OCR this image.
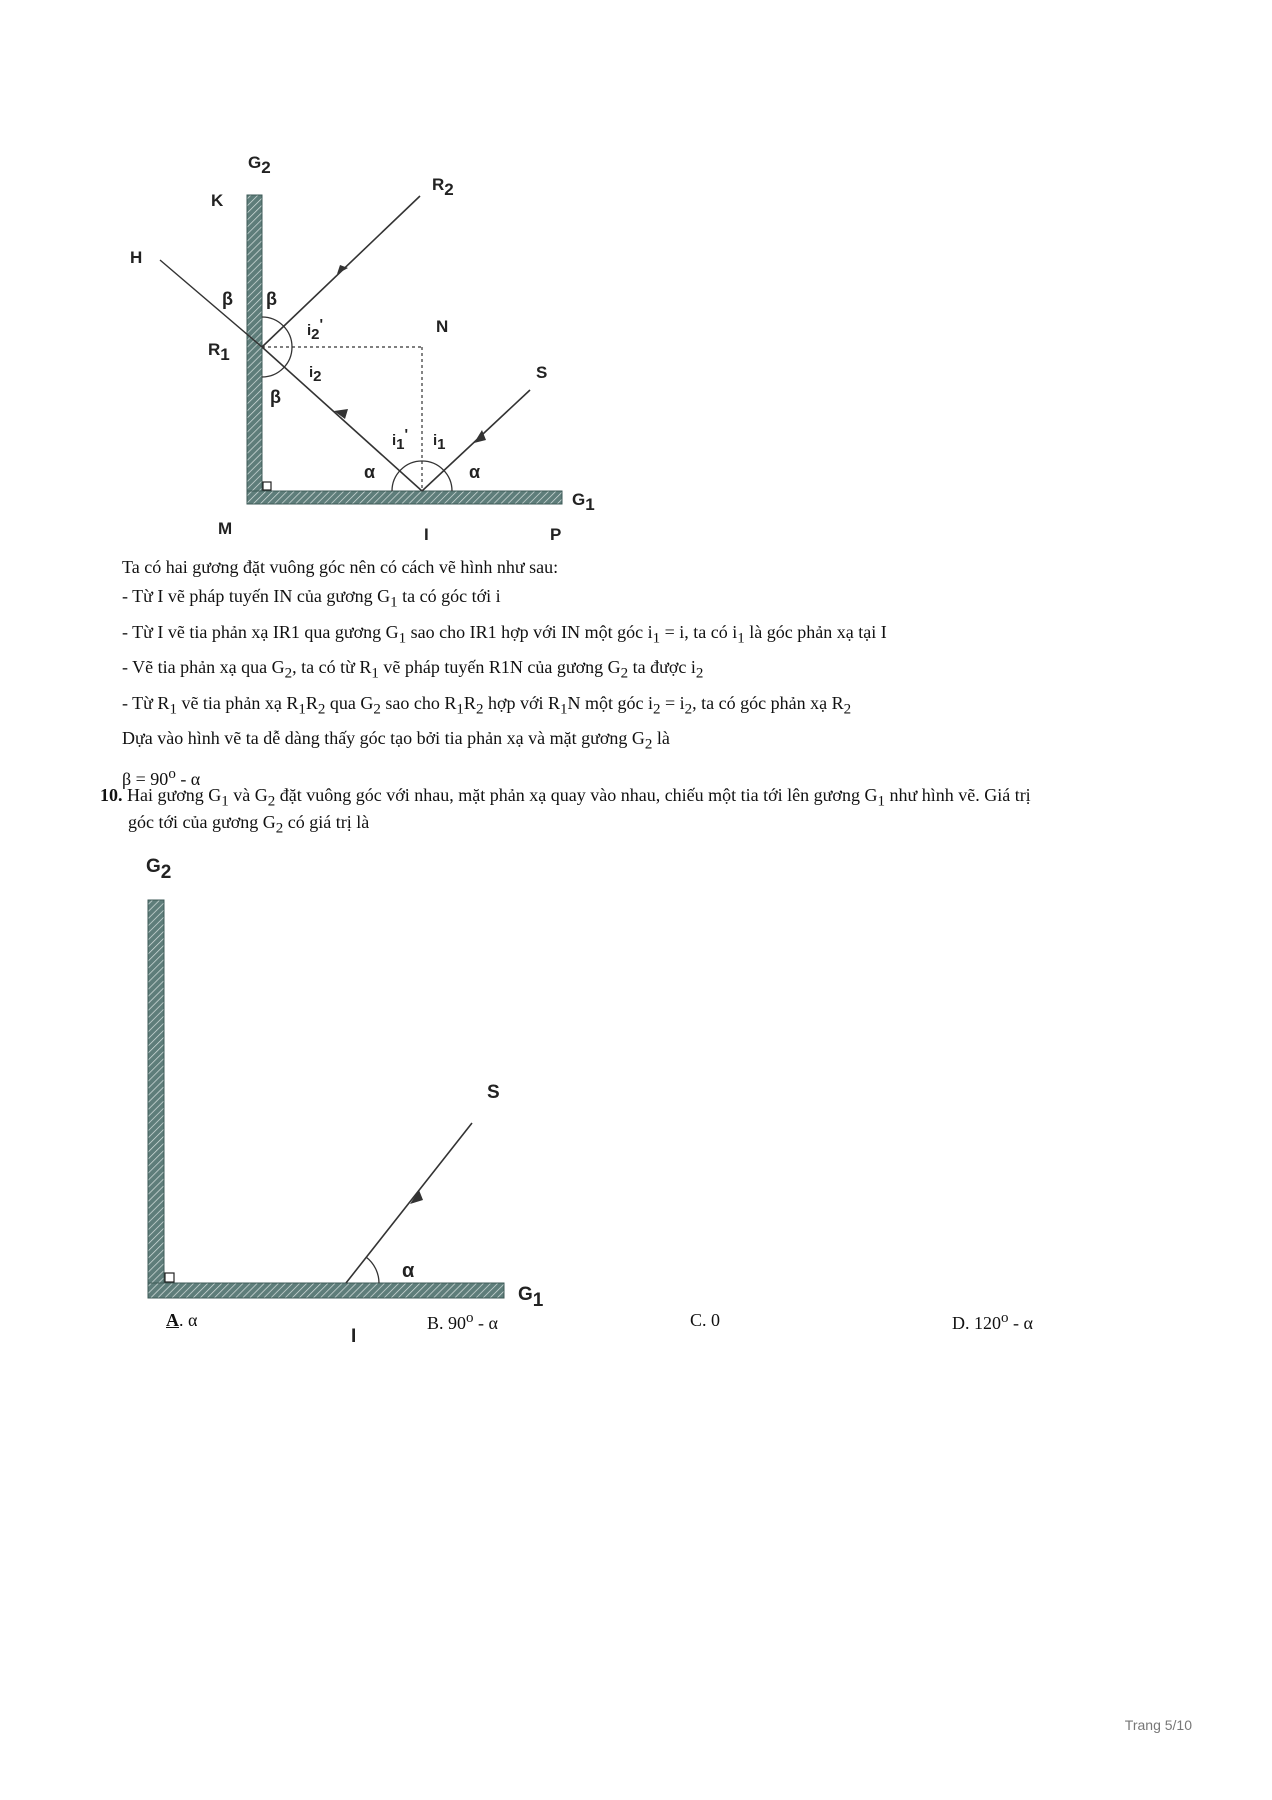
G2
K
H
R2
β β
β
i2'
i2
R1
N
S
i1' i1
α	α
G1
M	I	P
Ta có hai gương đặt vuông góc nên có cách vẽ hình như sau:
- Từ I vẽ pháp tuyến IN của gương $G_1$ ta có góc tới i
- Từ I vẽ tia phản xạ IR1 qua gương $G_1$ sao cho IR1 hợp với IN một góc $i_1 = i$, ta có $i_1$ là góc phản xạ tại I
- Vẽ tia phản xạ qua $G_2$, ta có từ $R_1$ vẽ pháp tuyến R1N của gương $G_2$ ta được $i_2$
- Từ $R_1$ vẽ tia phản xạ $R_1R_2$ qua $G_2$ sao cho $R_1R_2$ hợp với $R_1N$ một góc $i_2 = i_2$, ta có góc phản xạ $R_2$
Dựa vào hình vẽ ta dễ dàng thấy góc tạo bởi tia phản xạ và mặt gương $G_2$ là
$\beta = 90^o - \alpha$
10. Hai gương $G_1$ và $G_2$ đặt vuông góc với nhau, mặt phản xạ quay vào nhau, chiếu một tia tới lên gương $G_1$ như hình vẽ. Giá trị
góc tới của gương $G_2$ có giá trị là
G2
S
α
G1
I
A. α	B. 90$^o$ - α	C. 0	D. 120$^o$ - α
Trang 5/10
